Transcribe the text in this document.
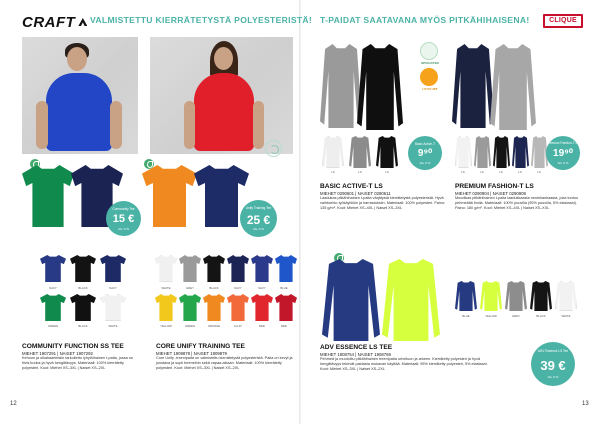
CRAFT	VALMISTETTU KIERRÄTETYSTÄ POLYESTERISTÄ! T-PAIDAT SAATAVANA MYÖS PITKÄHIHAISENA!	CLIQUE
Community Tee
15 €
Alv. 0 %
Unify Training Tee
25 €
Alv. 0 %
NAVY	BLACK	NAVY
GREEN	BLACK	WHITE
WHITE	GREY	BLACK	NAVY	NAVY	BLUE
YELLOW	GREEN	ORANGE	FLUO	RED	RED
COMMUNITY FUNCTION SS TEE
MIEHET 1907291 | NAISET 1907292
Kehoon ja olkakaarteisiin tarkoitettu lyhythihainen t-paita, jossa on tiivis kudos ja hyvä hengittävyys. Materiaali: 100% kierrätetty polyesteri. Koot: Miehet XS–3XL | Naiset XS–2XL
CORE UNIFY TRAINING TEE
MIEHET 1909878 | NAISET 1909879
Core Unify -treenipaita on valmistettu kierrätetystä polyesteristä. Paita on kevyt ja joustava ja sopii treeneihin sekä vapaa-aikaan. Materiaali: 100% kierrätetty polyesteri. Koot: Miehet XS–3XL | Naiset XS–2XL
12
SPUN-DYED
UV 50 UPF
LS	LS	LS
Basic Active-T
9⁹⁰
Alv. 0 %
LS	LS	LS	LS	LS
Premium Fashion-T LS
19⁹⁰
Alv. 0 %
BASIC ACTIVE-T LS
MIEHET 0290601 | NAISET 0290611
Laadukas pitkähihainen t-paita värjätystä kierrätetystä polyesteristä. Hyvä vaihtoehto työkäyttöön ja harrastuksiin. Materiaali: 100% polyesteri. Paino: 135 g/m². Koot: Miehet XS–4XL | Naiset XS–3XL
PREMIUM FASHION-T LS
MIEHET 0290904 | NAISET 0290909
Muodikas pitkähihainen t-paita laadukkaasta neulekankaasta, joka tuntuu pehmeältä iholla. Materiaali: 100% puuvilla (95% puuvilla, 5% elastaani). Paino: 180 g/m². Koot: Miehet XS–4XL | Naiset XS–XXL
BLUE	YELLOW	GREY	BLACK	WHITE
ADV ESSENCE LS TEE
MIEHET 1908754 | NAISET 1908769
Pehmeä ja muotoiltu pitkähihainen treenipaita urheiluun ja arkeen. Kierrätetty polyesteri ja hyvä hengittävyys tekevät paidasta mukavan käyttää. Materiaali: 95% kierrätetty polyesteri, 5% elastaani. Koot: Miehet XS–3XL | Naiset XS–2XL
ADV Essence LS Tee
39 €
Alv. 0 %
13
